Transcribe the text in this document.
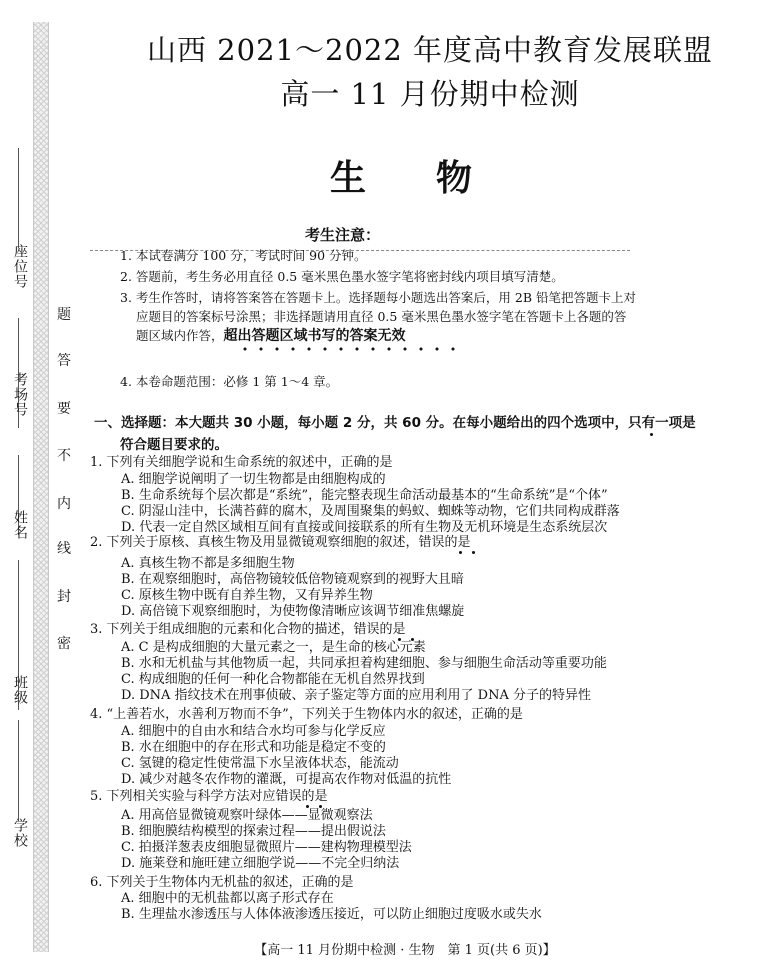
座位号
考场号
姓名
班级
学校
题
答
要
不
内
线
封
密
山西 2021～2022 年度高中教育发展联盟
高一 11 月份期中检测
生物
考生注意：
1. 本试卷满分 100 分，考试时间 90 分钟。
2. 答题前，考生务必用直径 0.5 毫米黑色墨水签字笔将密封线内项目填写清楚。
3. 考生作答时，请将答案答在答题卡上。选择题每小题选出答案后，用 2B 铅笔把答题卡上对
应题目的答案标号涂黑；非选择题请用直径 0.5 毫米黑色墨水签字笔在答题卡上各题的答
题区域内作答，超出答题区域书写的答案无效
4. 本卷命题范围：必修 1 第 1～4 章。
一、选择题：本大题共 30 小题，每小题 2 分，共 60 分。在每小题给出的四个选项中，只有一项是
符合题目要求的。
1. 下列有关细胞学说和生命系统的叙述中，正确的是
A. 细胞学说阐明了一切生物都是由细胞构成的
B. 生命系统每个层次都是“系统”，能完整表现生命活动最基本的“生命系统”是“个体”
C. 阴湿山洼中，长满苔藓的腐木，及周围聚集的蚂蚁、蜘蛛等动物，它们共同构成群落
D. 代表一定自然区域相互间有直接或间接联系的所有生物及无机环境是生态系统层次
2. 下列关于原核、真核生物及用显微镜观察细胞的叙述，错误的是
A. 真核生物不都是多细胞生物
B. 在观察细胞时，高倍物镜较低倍物镜观察到的视野大且暗
C. 原核生物中既有自养生物，又有异养生物
D. 高倍镜下观察细胞时，为使物像清晰应该调节细准焦螺旋
3. 下列关于组成细胞的元素和化合物的描述，错误的是
A. C 是构成细胞的大量元素之一，是生命的核心元素
B. 水和无机盐与其他物质一起，共同承担着构建细胞、参与细胞生命活动等重要功能
C. 构成细胞的任何一种化合物都能在无机自然界找到
D. DNA 指纹技术在刑事侦破、亲子鉴定等方面的应用利用了 DNA 分子的特异性
4. “上善若水，水善利万物而不争”，下列关于生物体内水的叙述，正确的是
A. 细胞中的自由水和结合水均可参与化学反应
B. 水在细胞中的存在形式和功能是稳定不变的
C. 氢键的稳定性使常温下水呈液体状态，能流动
D. 减少对越冬农作物的灌溉，可提高农作物对低温的抗性
5. 下列相关实验与科学方法对应错误的是
A. 用高倍显微镜观察叶绿体——显微观察法
B. 细胞膜结构模型的探索过程——提出假说法
C. 拍摄洋葱表皮细胞显微照片——建构物理模型法
D. 施莱登和施旺建立细胞学说——不完全归纳法
6. 下列关于生物体内无机盐的叙述，正确的是
A. 细胞中的无机盐都以离子形式存在
B. 生理盐水渗透压与人体体液渗透压接近，可以防止细胞过度吸水或失水
【高一 11 月份期中检测 · 生物　第 1 页(共 6 页)】
